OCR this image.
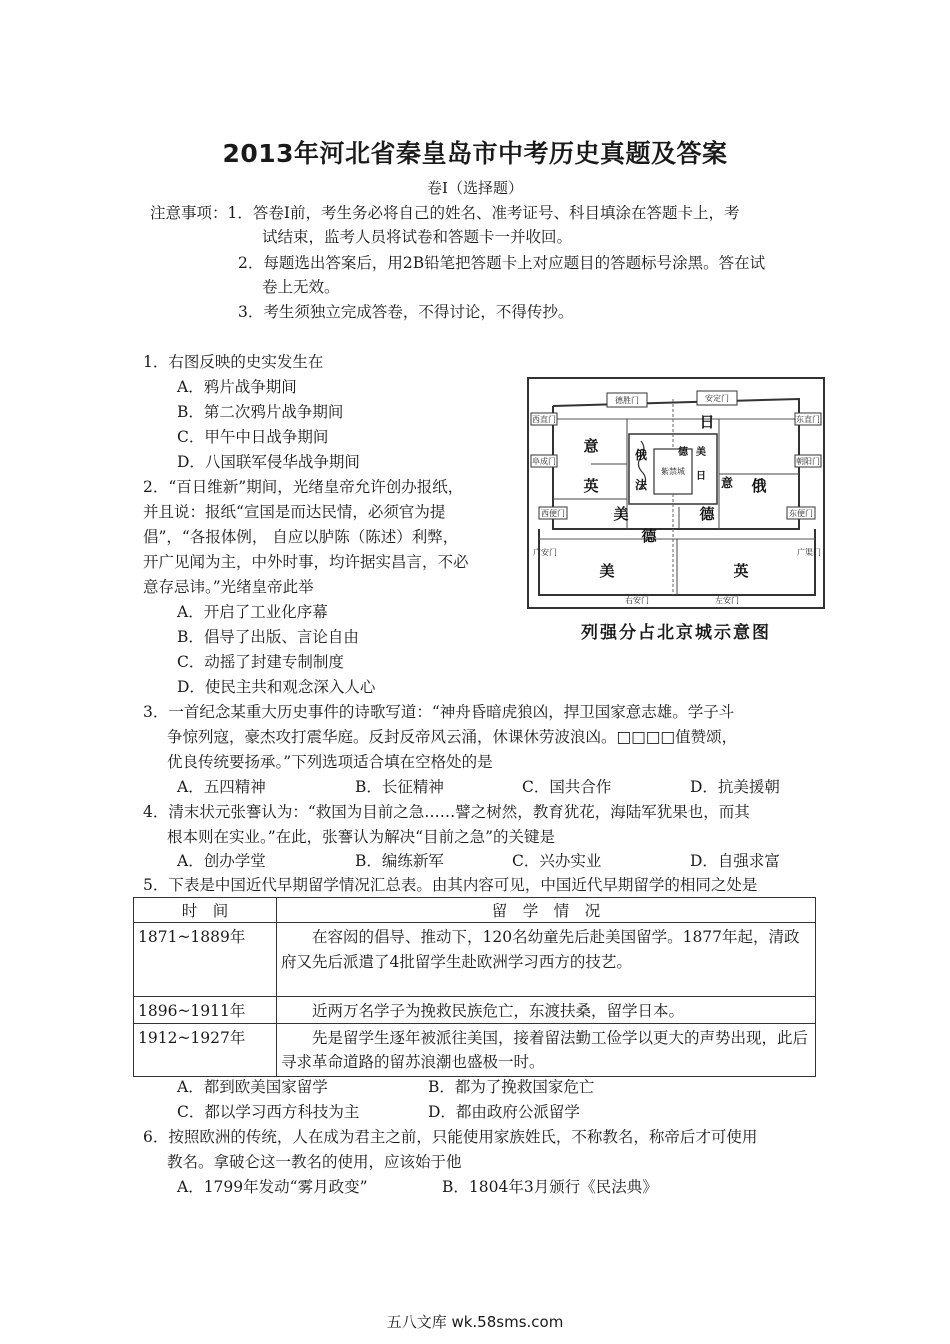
2013年河北省秦皇岛市中考历史真题及答案
卷Ⅰ（选择题）
注意事项：1．答卷Ⅰ前，考生务必将自己的姓名、准考证号、科目填涂在答题卡上，考
试结束，监考人员将试卷和答题卡一并收回。
2．每题选出答案后，用2B铅笔把答题卡上对应题目的答题标号涂黑。答在试
卷上无效。
3．考生须独立完成答卷，不得讨论，不得传抄。
1．右图反映的史实发生在
A．鸦片战争期间
B．第二次鸦片战争期间
C．甲午中日战争期间
D．八国联军侵华战争期间
德胜门	安定门
西直门	东直门
阜成门	朝阳门
西便门	东便门
广渠门
广安门
右安门	左安门
日
意
英
俄
法
美	德
意 俄
德
美	英
日
美
德
紫禁城
列强分占北京城示意图
2．“百日维新”期间，光绪皇帝允许创办报纸，
并且说：报纸“宣国是而达民情，必须官为提
倡”，“各报体例， 自应以胪陈（陈述）利弊，
开广见闻为主，中外时事，均许据实昌言，不必
意存忌讳。”光绪皇帝此举
A．开启了工业化序幕
B．倡导了出版、言论自由
C．动摇了封建专制制度
D．使民主共和观念深入人心
3．一首纪念某重大历史事件的诗歌写道：“神舟昏暗虎狼凶，捍卫国家意志雄。学子斗
争惊列寇，豪杰攻打震华庭。反封反帝风云涌，休课休劳波浪凶。□□□□值赞颂，
优良传统要扬承。”下列选项适合填在空格处的是
A．五四精神	B．长征精神	C．国共合作	D．抗美援朝
4．清末状元张謇认为：“救国为目前之急……譬之树然，教育犹花，海陆军犹果也，而其
根本则在实业。”在此，张謇认为解决“目前之急”的关键是
A．创办学堂	B．编练新军	C．兴办实业	D．自强求富
5．下表是中国近代早期留学情况汇总表。由其内容可见，中国近代早期留学的相同之处是
时　间	留　学　情　况
1871~1889年	在容闳的倡导、推动下，120名幼童先后赴美国留学。1877年起，清政府又先后派遣了4批留学生赴欧洲学习西方的技艺。
1896~1911年	近两万名学子为挽救民族危亡，东渡扶桑，留学日本。
1912~1927年	先是留学生逐年被派往美国，接着留法勤工俭学以更大的声势出现，此后寻求革命道路的留苏浪潮也盛极一时。
A．都到欧美国家留学	B．都为了挽救国家危亡
C．都以学习西方科技为主	D．都由政府公派留学
6．按照欧洲的传统，人在成为君主之前，只能使用家族姓氏，不称教名，称帝后才可使用
教名。拿破仑这一教名的使用，应该始于他
A．1799年发动“雾月政变”	B．1804年3月颁行《民法典》
五八文库 wk.58sms.com
